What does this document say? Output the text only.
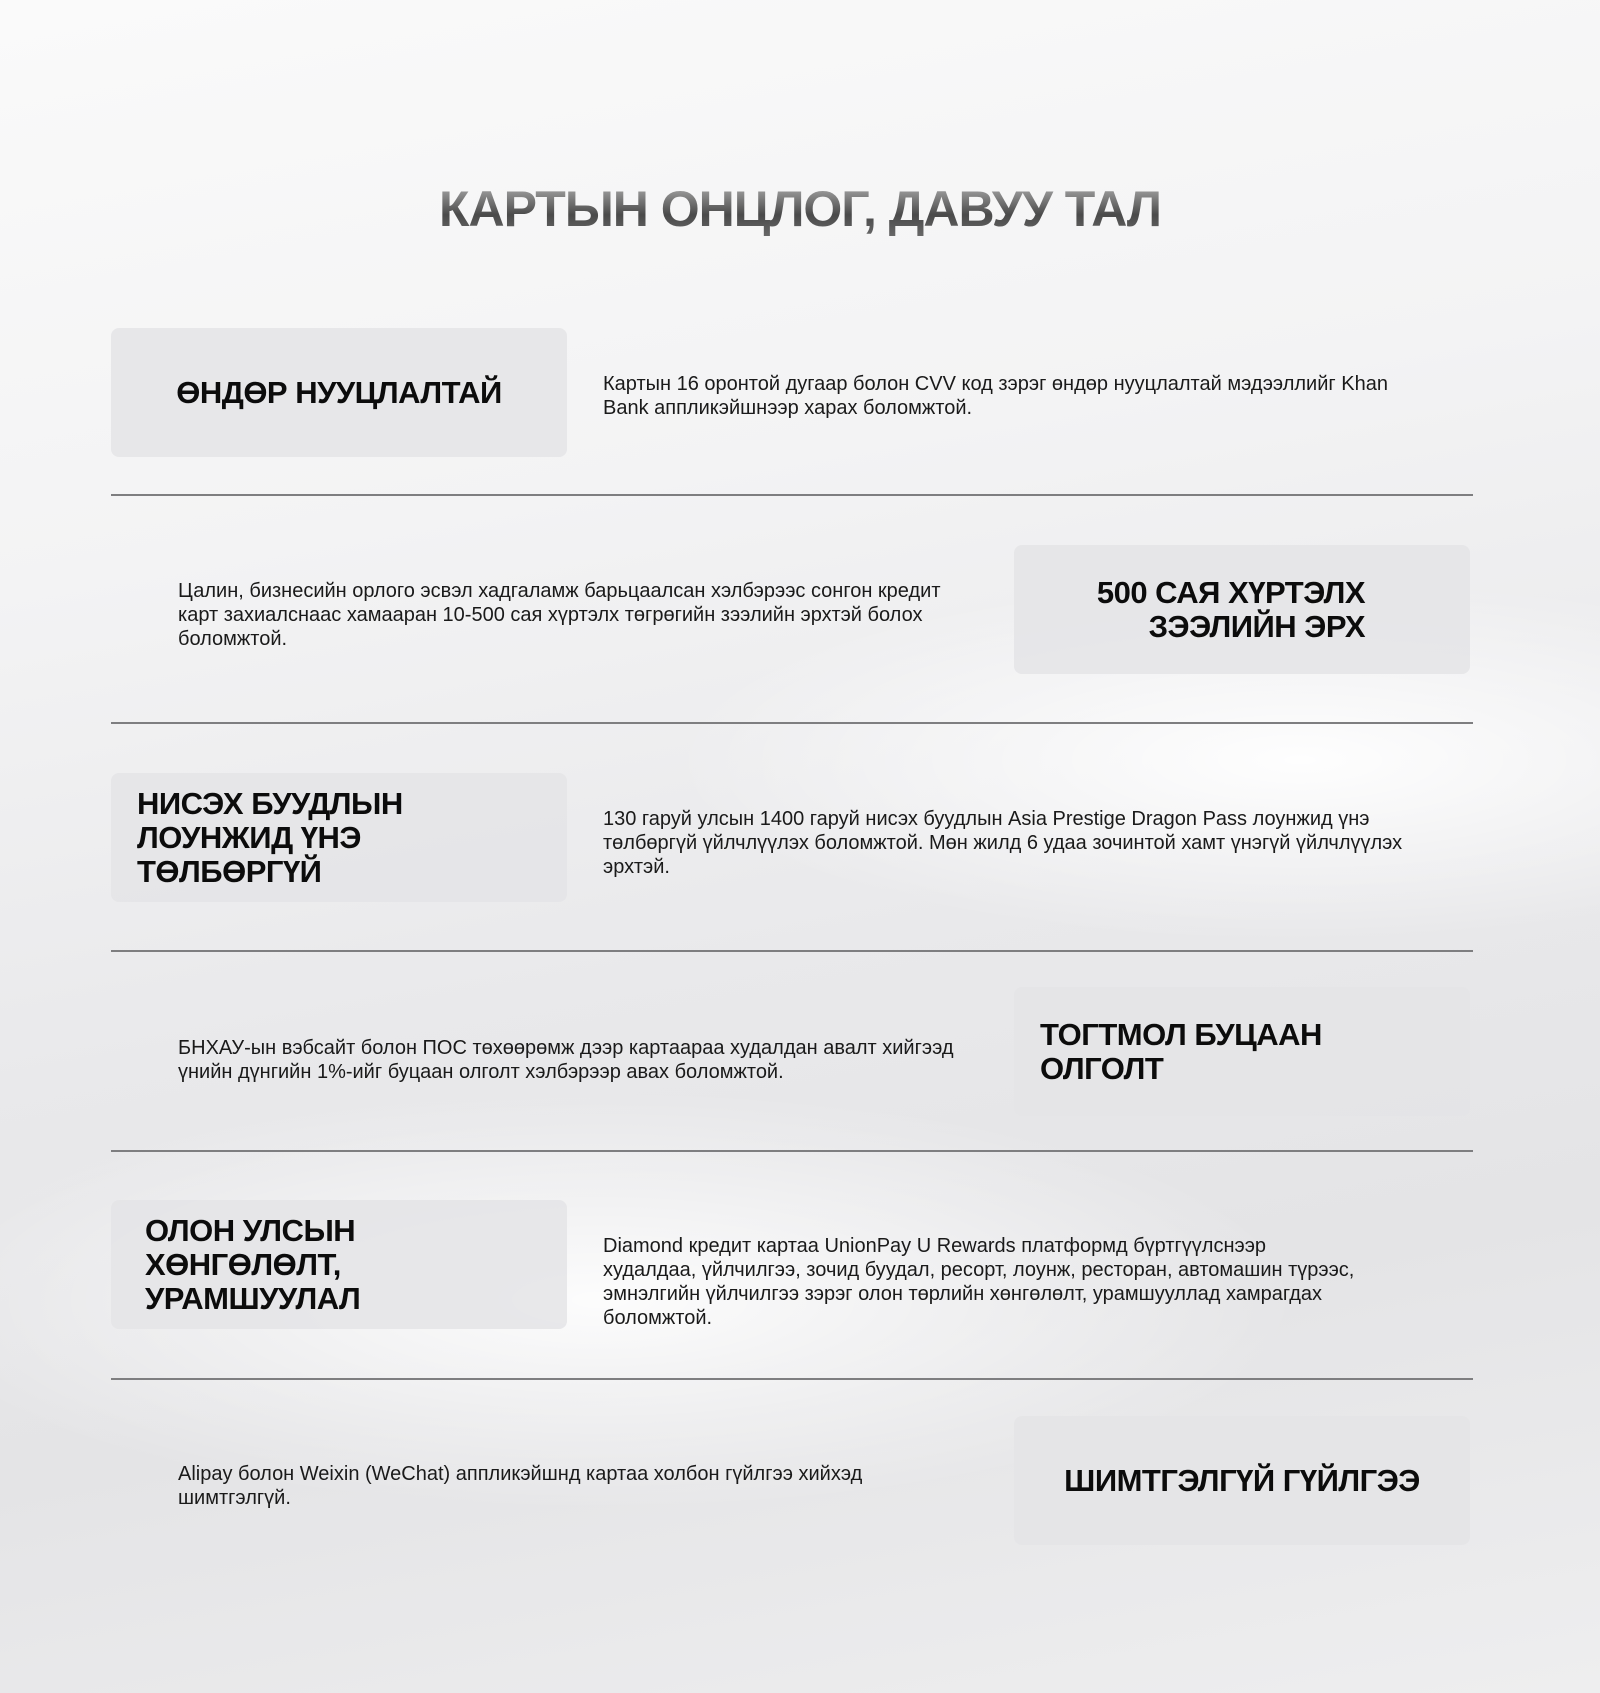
КАРТЫН ОНЦЛОГ, ДАВУУ ТАЛ
ӨНДӨР НУУЦЛАЛТАЙ	Картын 16 оронтой дугаар болон CVV код зэрэг өндөр нууцлалтай мэдээллийг Khan Bank аппликэйшнээр харах боломжтой.
500 САЯ ХҮРТЭЛХ ЗЭЭЛИЙН ЭРХ
Цалин, бизнесийн орлого эсвэл хадгаламж барьцаалсан хэлбэрээс сонгон кредит карт захиалснаас хамааран 10-500 сая хүртэлх төгрөгийн зээлийн эрхтэй болох боломжтой.
НИСЭХ БУУДЛЫН ЛОУНЖИД ҮНЭ ТӨЛБӨРГҮЙ
130 гаруй улсын 1400 гаруй нисэх буудлын Asia Prestige Dragon Pass лоунжид үнэ төлбөргүй үйлчлүүлэх боломжтой. Мөн жилд 6 удаа зочинтой хамт үнэгүй үйлчлүүлэх эрхтэй.
ТОГТМОЛ БУЦААН ОЛГОЛТ
БНХАУ-ын вэбсайт болон ПОС төхөөрөмж дээр картаараа худалдан авалт хийгээд үнийн дүнгийн 1%-ийг буцаан олголт хэлбэрээр авах боломжтой.
ОЛОН УЛСЫН ХӨНГӨЛӨЛТ, УРАМШУУЛАЛ
Diamond кредит картаа UnionPay U Rewards платформд бүртгүүлснээр худалдаа, үйлчилгээ, зочид буудал, ресорт, лоунж, ресторан, автомашин түрээс, эмнэлгийн үйлчилгээ зэрэг олон төрлийн хөнгөлөлт, урамшууллад хамрагдах боломжтой.
ШИМТГЭЛГҮЙ ГҮЙЛГЭЭ
Alipay болон Weixin (WeChat) аппликэйшнд картаа холбон гүйлгээ хийхэд шимтгэлгүй.
